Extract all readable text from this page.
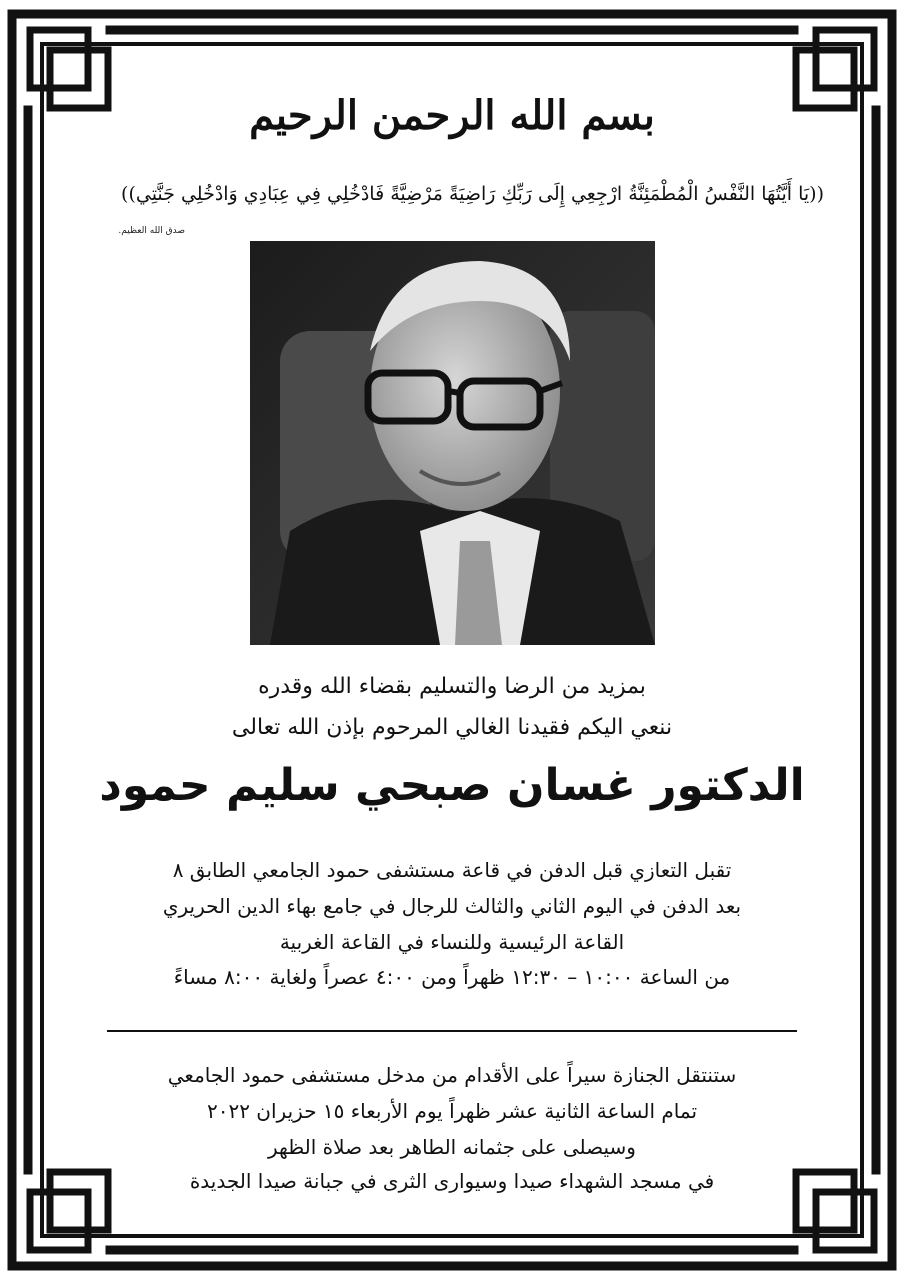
بسم الله الرحمن الرحيم
((يَا أَيَّتُهَا النَّفْسُ الْمُطْمَئِنَّةُ ارْجِعِي إِلَى رَبِّكِ رَاضِيَةً مَرْضِيَّةً فَادْخُلِي فِي عِبَادِي وَادْخُلِي جَنَّتِي))
صدق الله العظيم.
بمزيد من الرضا والتسليم بقضاء الله وقدره
ننعي اليكم فقيدنا الغالي المرحوم بإذن الله تعالى
الدكتور غسان صبحي سليم حمود
تقبل التعازي قبل الدفن في قاعة مستشفى حمود الجامعي الطابق ٨
بعد الدفن في اليوم الثاني والثالث للرجال في جامع بهاء الدين الحريري
القاعة الرئيسية وللنساء في القاعة الغربية
من الساعة ١٠:٠٠ – ١٢:٣٠ ظهراً ومن ٤:٠٠ عصراً ولغاية ٨:٠٠ مساءً
ستنتقل الجنازة سيراً على الأقدام من مدخل مستشفى حمود الجامعي
تمام الساعة الثانية عشر ظهراً يوم الأربعاء ١٥ حزيران ٢٠٢٢
وسيصلى على جثمانه الطاهر بعد صلاة الظهر
في مسجد الشهداء صيدا وسيوارى الثرى في جبانة صيدا الجديدة
